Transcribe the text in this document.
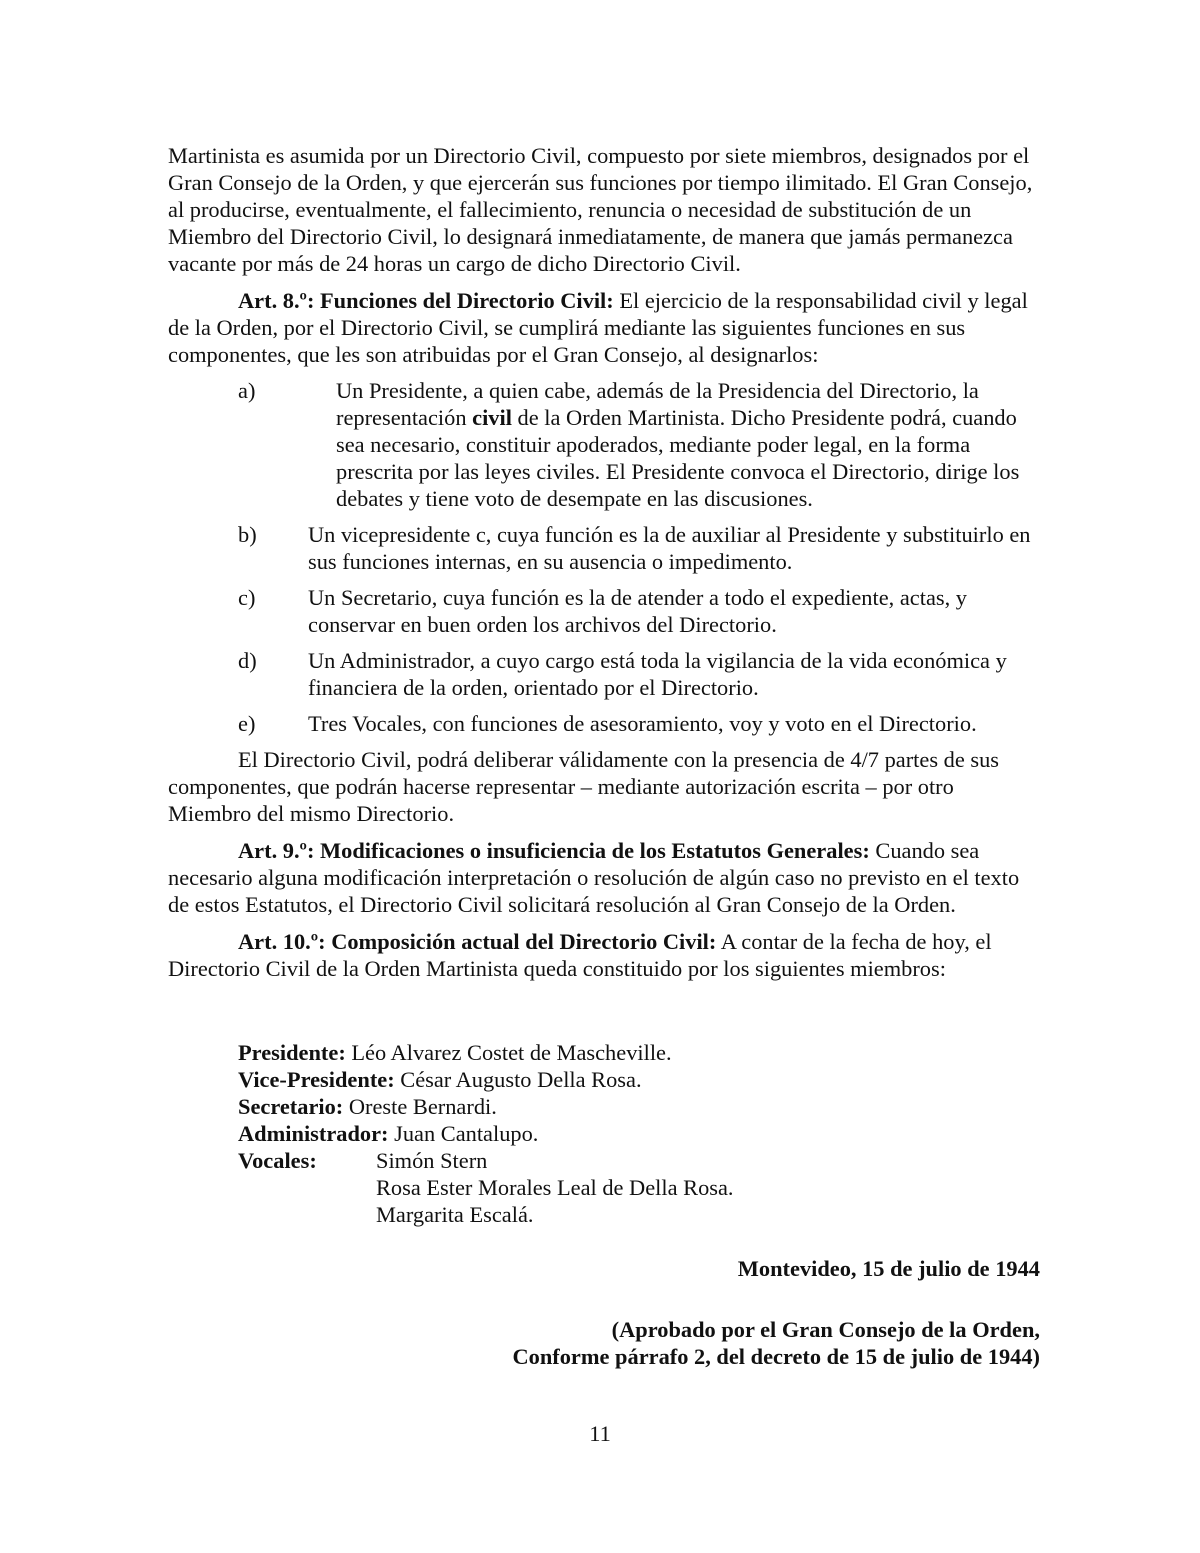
Martinista es asumida por un Directorio Civil, compuesto por siete miembros, designados por el Gran Consejo de la Orden, y que ejercerán sus funciones por tiempo ilimitado. El Gran Consejo, al producirse, eventualmente, el fallecimiento, renuncia o necesidad de substitución de un Miembro del Directorio Civil, lo designará inmediatamente, de manera que jamás permanezca vacante por más de 24 horas un cargo de dicho Directorio Civil.

Art. 8.º: Funciones del Directorio Civil: El ejercicio de la responsabilidad civil y legal de la Orden, por el Directorio Civil, se cumplirá mediante las siguientes funciones en sus componentes, que les son atribuidas por el Gran Consejo, al designarlos:

a)	Un Presidente, a quien cabe, además de la Presidencia del Directorio, la representación civil de la Orden Martinista. Dicho Presidente podrá, cuando sea necesario, constituir apoderados, mediante poder legal, en la forma prescrita por las leyes civiles. El Presidente convoca el Directorio, dirige los debates y tiene voto de desempate en las discusiones.
b)	Un vicepresidente c, cuya función es la de auxiliar al Presidente y substituirlo en sus funciones internas, en su ausencia o impedimento.
c)	Un Secretario, cuya función es la de atender a todo el expediente, actas, y conservar en buen orden los archivos del Directorio.
d)	Un Administrador, a cuyo cargo está toda la vigilancia de la vida económica y financiera de la orden, orientado por el Directorio.
e)	Tres Vocales, con funciones de asesoramiento, voy y voto en el Directorio.

El Directorio Civil, podrá deliberar válidamente con la presencia de 4/7 partes de sus componentes, que podrán hacerse representar – mediante autorización escrita – por otro Miembro del mismo Directorio.

Art. 9.º: Modificaciones o insuficiencia de los Estatutos Generales: Cuando sea necesario alguna modificación interpretación o resolución de algún caso no previsto en el texto de estos Estatutos, el Directorio Civil solicitará resolución al Gran Consejo de la Orden.

Art. 10.º: Composición actual del Directorio Civil: A contar de la fecha de hoy, el Directorio Civil de la Orden Martinista queda constituido por los siguientes miembros:

Presidente: Léo Alvarez Costet de Mascheville.
Vice-Presidente: César Augusto Della Rosa.
Secretario: Oreste Bernardi.
Administrador: Juan Cantalupo.
Vocales:	Simón Stern
Rosa Ester Morales Leal de Della Rosa.
Margarita Escalá.

Montevideo, 15 de julio de 1944

(Aprobado por el Gran Consejo de la Orden,
Conforme párrafo 2, del decreto de 15 de julio de 1944)
11
